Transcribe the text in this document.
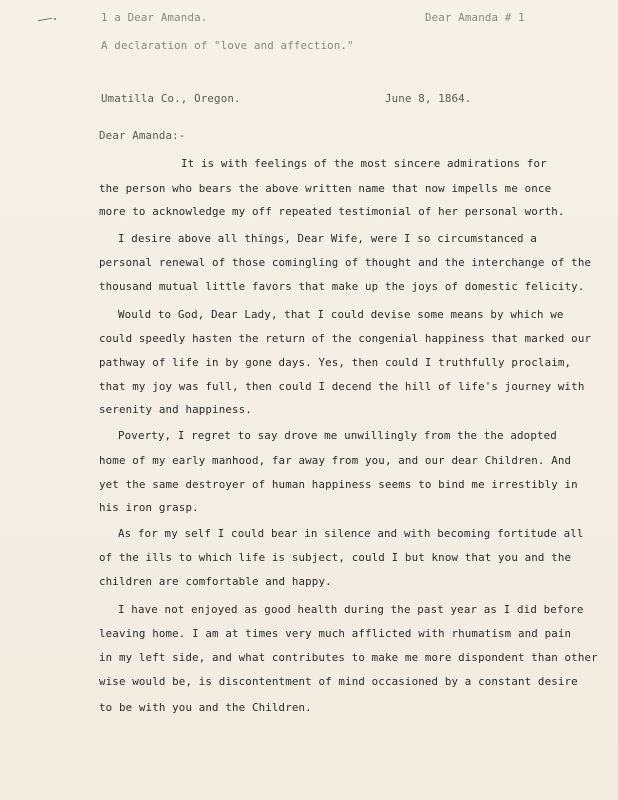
1 a Dear Amanda.	Dear Amanda # 1
A declaration of "love and affection."
Umatilla Co., Oregon.	June 8, 1864.
Dear Amanda:-
It is with feelings of the most sincere admirations for
the person who bears the above written name that now impells me once
more to acknowledge my off repeated testimonial of her personal worth.
I desire above all things, Dear Wife, were I so circumstanced a
personal renewal of those comingling of thought and the interchange of the
thousand mutual little favors that make up the joys of domestic felicity.
Would to God, Dear Lady, that I could devise some means by which we
could speedly hasten the return of the congenial happiness that marked our
pathway of life in by gone days. Yes, then could I truthfully proclaim,
that my joy was full, then could I decend the hill of life's journey with
serenity and happiness.
Poverty, I regret to say drove me unwillingly from the the adopted
home of my early manhood, far away from you, and our dear Children. And
yet the same destroyer of human happiness seems to bind me irrestibly in
his iron grasp.
As for my self I could bear in silence and with becoming fortitude all
of the ills to which life is subject, could I but know that you and the
children are comfortable and happy.
I have not enjoyed as good health during the past year as I did before
leaving home. I am at times very much afflicted with rhumatism and pain
in my left side, and what contributes to make me more dispondent than other
wise would be, is discontentment of mind occasioned by a constant desire
to be with you and the Children.
